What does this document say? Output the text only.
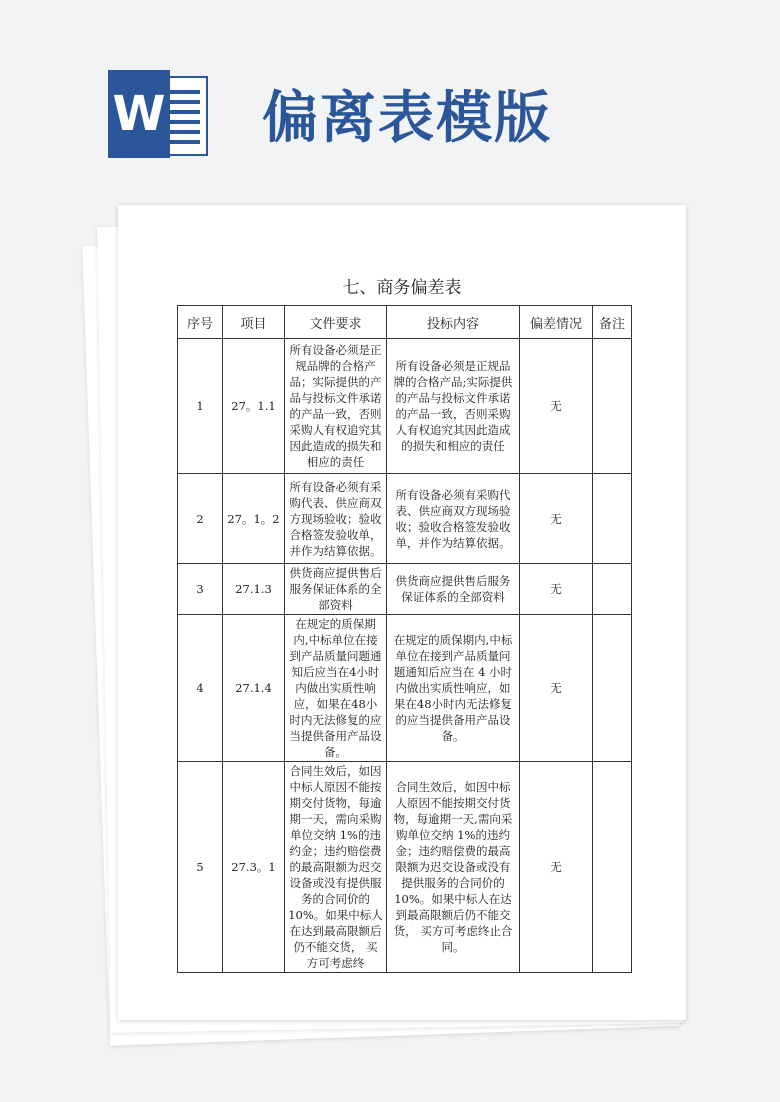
W 偏离表模版
七、商务偏差表
序号	项目	文件要求	投标内容	偏差情况	备注
1	27。1.1	所有设备必须是正规品牌的合格产品；实际提供的产品与投标文件承诺的产品一致，否则采购人有权追究其因此造成的损失和相应的责任	所有设备必须是正规品牌的合格产品;实际提供的产品与投标文件承诺的产品一致，否则采购人有权追究其因此造成的损失和相应的责任	无	
2	27。1。2	所有设备必须有采购代表、供应商双方现场验收；验收合格签发验收单，并作为结算依据。	所有设备必须有采购代表、供应商双方现场验收；验收合格签发验收单，并作为结算依据。	无	
3	27.1.3	供货商应提供售后服务保证体系的全部资料	供货商应提供售后服务保证体系的全部资料	无	
4	27.1.4	在规定的质保期内,中标单位在接到产品质量问题通知后应当在4小时内做出实质性响应，如果在48小时内无法修复的应当提供备用产品设备。	在规定的质保期内,中标单位在接到产品质量问题通知后应当在 4 小时内做出实质性响应，如果在48小时内无法修复的应当提供备用产品设备。	无	
5	27.3。1	合同生效后，如因中标人原因不能按期交付货物，每逾期一天，需向采购单位交纳 1%的违约金；违约赔偿费的最高限额为迟交设备或没有提供服务的合同价的 10%。如果中标人在达到最高限额后仍不能交货， 买方可考虑终	合同生效后，如因中标人原因不能按期交付货物，每逾期一天,需向采购单位交纳 1%的违约金；违约赔偿费的最高限额为迟交设备或没有提供服务的合同价的10%。如果中标人在达到最高限额后仍不能交货， 买方可考虑终止合同。	无	
